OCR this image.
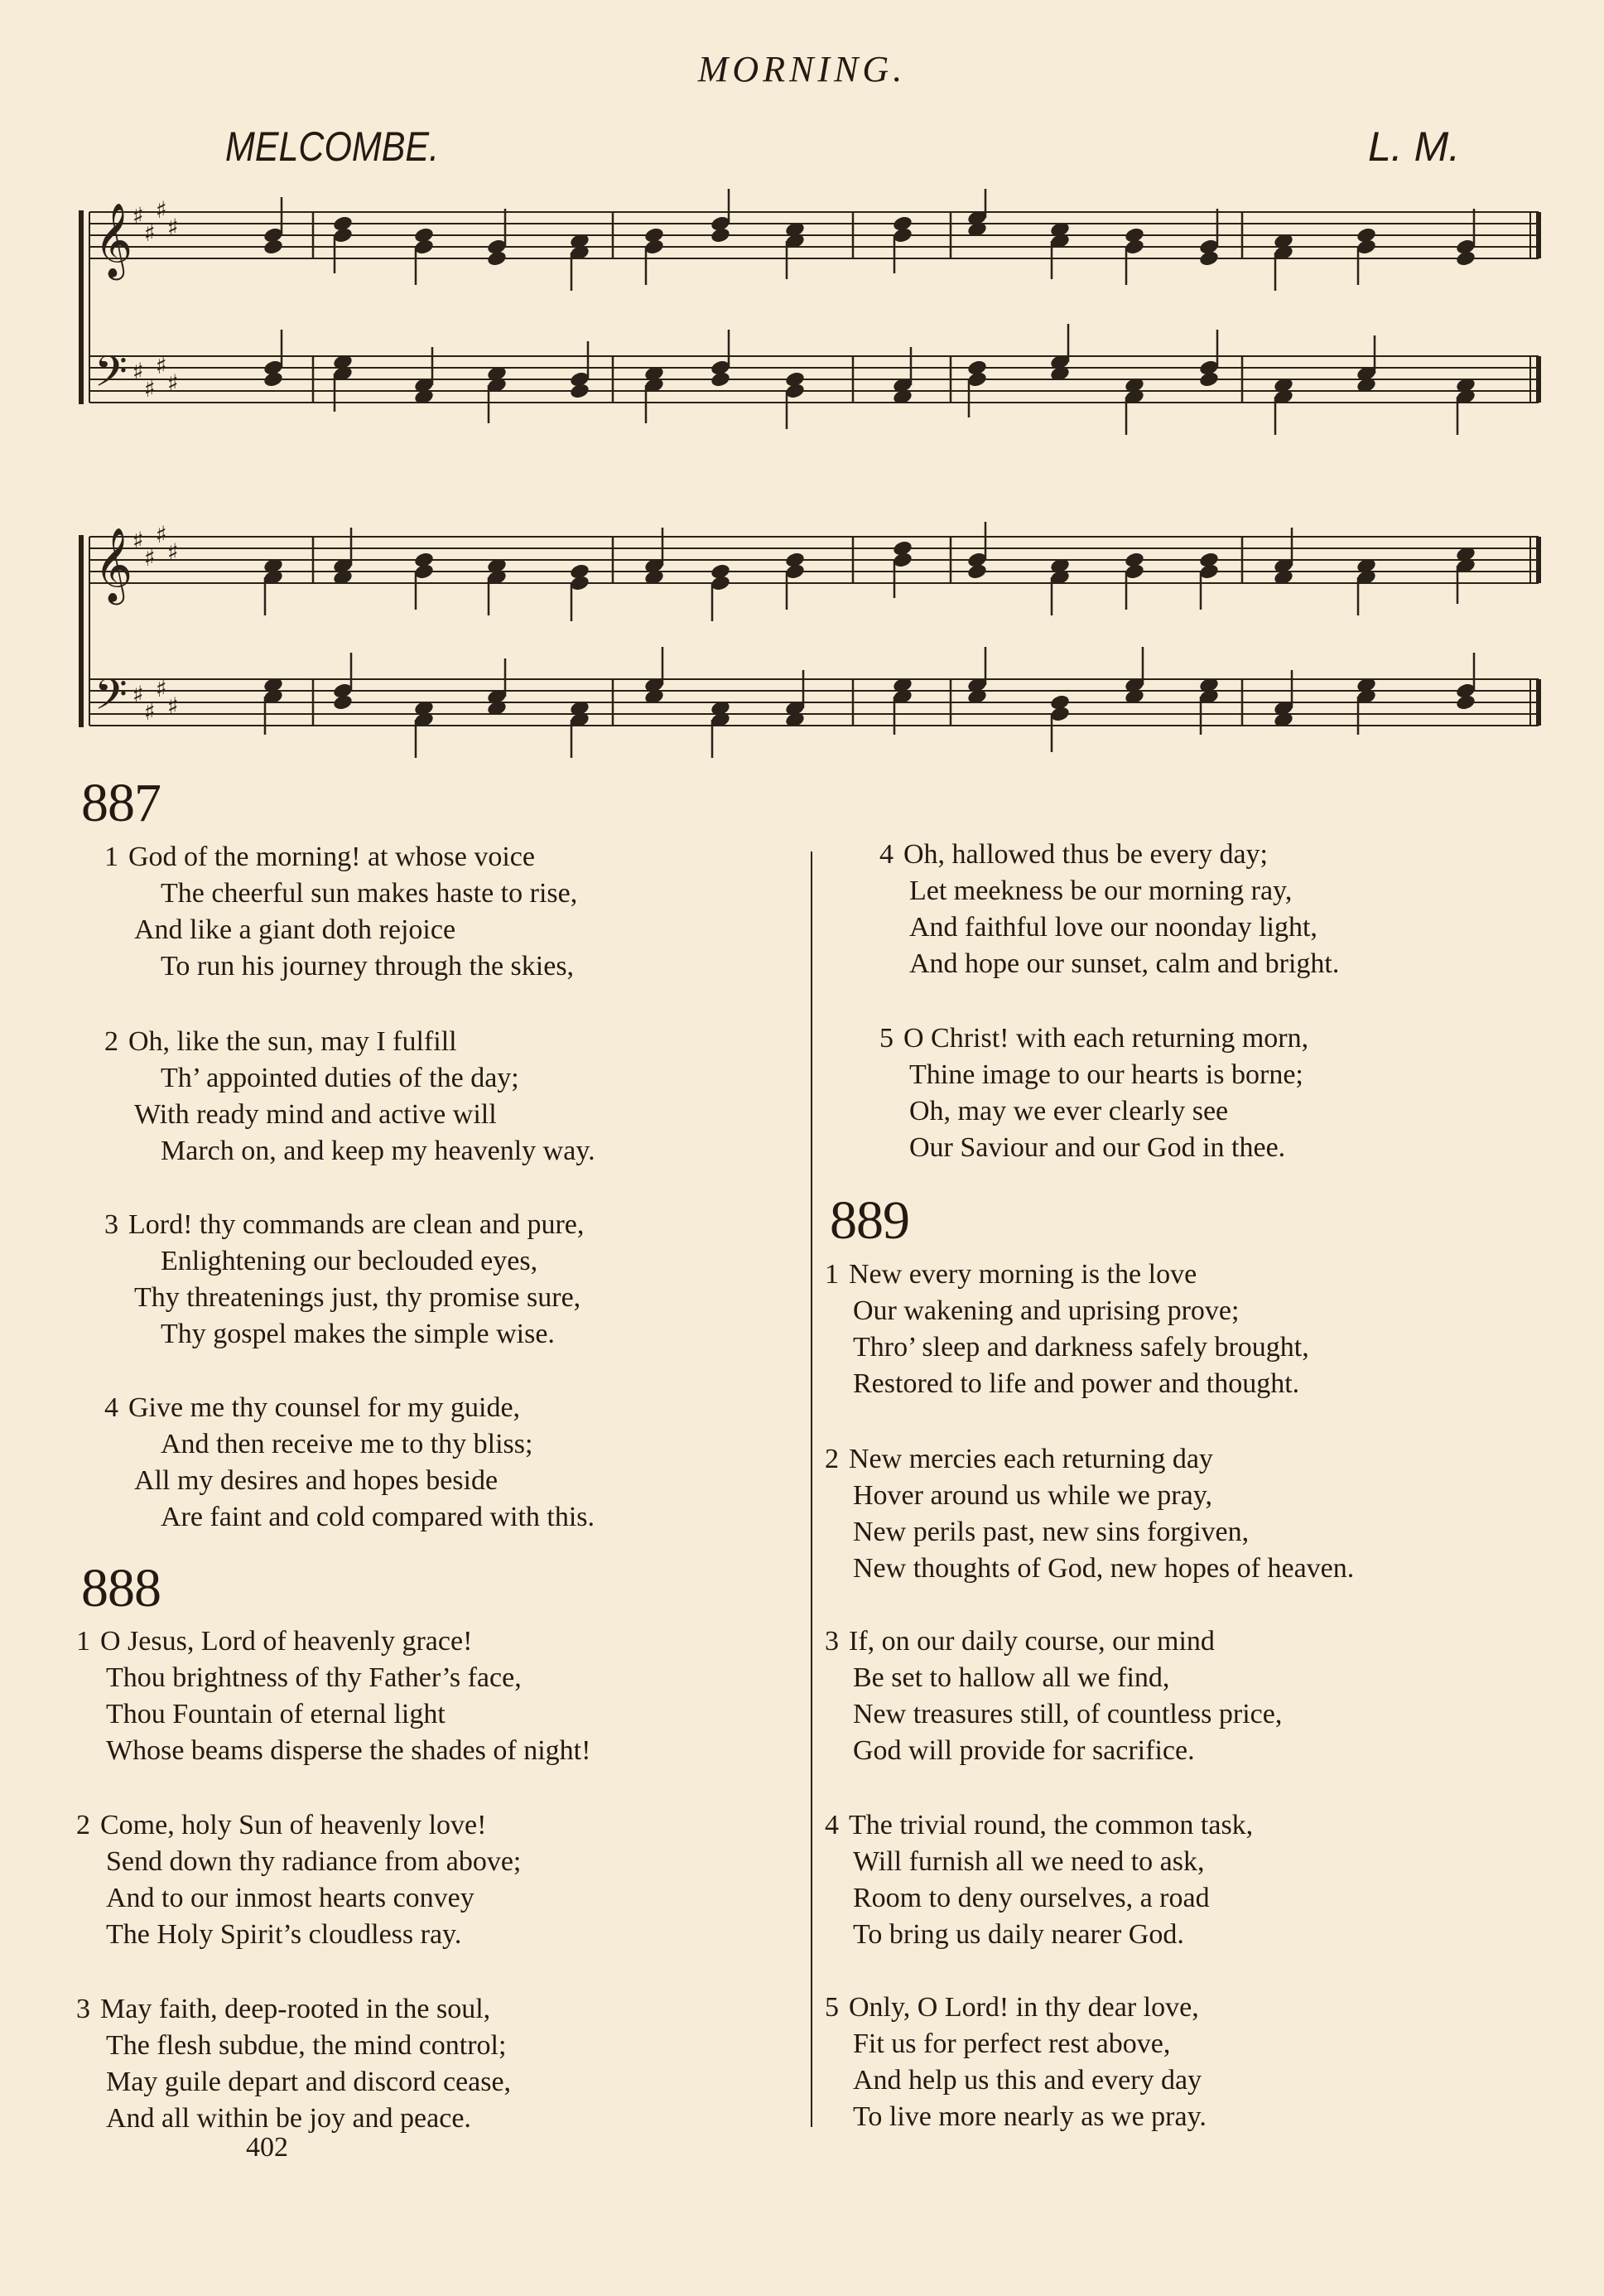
MORNING.
MELCOMBE.	L. M.
𝄞
𝄢
♯
♯
♯
♯
♯
♯
♯
♯
𝄞
𝄢
♯
♯
♯
♯
♯
♯
♯
♯
887
1 God of the morning! at whose voice
The cheerful sun makes haste to rise,
And like a giant doth rejoice
To run his journey through the skies,
2 Oh, like the sun, may I fulfill
Th’ appointed duties of the day;
With ready mind and active will
March on, and keep my heavenly way.
3 Lord! thy commands are clean and pure,
Enlightening our beclouded eyes,
Thy threatenings just, thy promise sure,
Thy gospel makes the simple wise.
4 Give me thy counsel for my guide,
And then receive me to thy bliss;
All my desires and hopes beside
Are faint and cold compared with this.
4 Oh, hallowed thus be every day;
Let meekness be our morning ray,
And faithful love our noonday light,
And hope our sunset, calm and bright.
5 O Christ! with each returning morn,
Thine image to our hearts is borne;
Oh, may we ever clearly see
Our Saviour and our God in thee.
888
1 O Jesus, Lord of heavenly grace!
Thou brightness of thy Father’s face,
Thou Fountain of eternal light
Whose beams disperse the shades of night!
2 Come, holy Sun of heavenly love!
Send down thy radiance from above;
And to our inmost hearts convey
The Holy Spirit’s cloudless ray.
3 May faith, deep-rooted in the soul,
The flesh subdue, the mind control;
May guile depart and discord cease,
And all within be joy and peace.
889
1 New every morning is the love
Our wakening and uprising prove;
Thro’ sleep and darkness safely brought,
Restored to life and power and thought.
2 New mercies each returning day
Hover around us while we pray,
New perils past, new sins forgiven,
New thoughts of God, new hopes of heaven.
3 If, on our daily course, our mind
Be set to hallow all we find,
New treasures still, of countless price,
God will provide for sacrifice.
4 The trivial round, the common task,
Will furnish all we need to ask,
Room to deny ourselves, a road
To bring us daily nearer God.
5 Only, O Lord! in thy dear love,
Fit us for perfect rest above,
And help us this and every day
To live more nearly as we pray.
402
